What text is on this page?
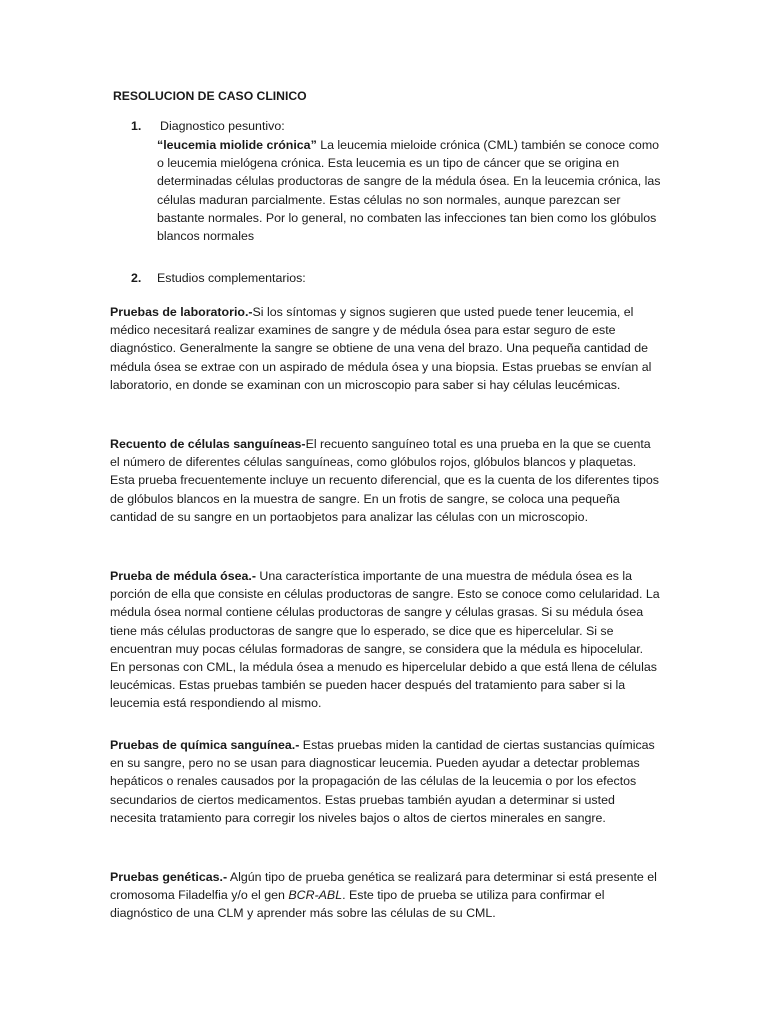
RESOLUCION DE CASO CLINICO
1. Diagnostico pesuntivo:
“leucemia miolide crónica” La leucemia mieloide crónica (CML) también se conoce como o leucemia mielógena crónica. Esta leucemia es un tipo de cáncer que se origina en determinadas células productoras de sangre de la médula ósea. En la leucemia crónica, las células maduran parcialmente. Estas células no son normales, aunque parezcan ser bastante normales. Por lo general, no combaten las infecciones tan bien como los glóbulos blancos normales
2. Estudios complementarios:

Pruebas de laboratorio.-Si los síntomas y signos sugieren que usted puede tener leucemia, el médico necesitará realizar examines de sangre y de médula ósea para estar seguro de este diagnóstico. Generalmente la sangre se obtiene de una vena del brazo. Una pequeña cantidad de médula ósea se extrae con un aspirado de médula ósea y una biopsia. Estas pruebas se envían al laboratorio, en donde se examinan con un microscopio para saber si hay células leucémicas.

Recuento de células sanguíneas-El recuento sanguíneo total es una prueba en la que se cuenta el número de diferentes células sanguíneas, como glóbulos rojos, glóbulos blancos y plaquetas. Esta prueba frecuentemente incluye un recuento diferencial, que es la cuenta de los diferentes tipos de glóbulos blancos en la muestra de sangre. En un frotis de sangre, se coloca una pequeña cantidad de su sangre en un portaobjetos para analizar las células con un microscopio.

Prueba de médula ósea.- Una característica importante de una muestra de médula ósea es la porción de ella que consiste en células productoras de sangre. Esto se conoce como celularidad. La médula ósea normal contiene células productoras de sangre y células grasas. Si su médula ósea tiene más células productoras de sangre que lo esperado, se dice que es hipercelular. Si se encuentran muy pocas células formadoras de sangre, se considera que la médula es hipocelular. En personas con CML, la médula ósea a menudo es hipercelular debido a que está llena de células leucémicas. Estas pruebas también se pueden hacer después del tratamiento para saber si la leucemia está respondiendo al mismo.

Pruebas de química sanguínea.- Estas pruebas miden la cantidad de ciertas sustancias químicas en su sangre, pero no se usan para diagnosticar leucemia. Pueden ayudar a detectar problemas hepáticos o renales causados por la propagación de las células de la leucemia o por los efectos secundarios de ciertos medicamentos. Estas pruebas también ayudan a determinar si usted necesita tratamiento para corregir los niveles bajos o altos de ciertos minerales en sangre.

Pruebas genéticas.- Algún tipo de prueba genética se realizará para determinar si está presente el cromosoma Filadelfia y/o el gen BCR-ABL. Este tipo de prueba se utiliza para confirmar el diagnóstico de una CLM y aprender más sobre las células de su CML.
